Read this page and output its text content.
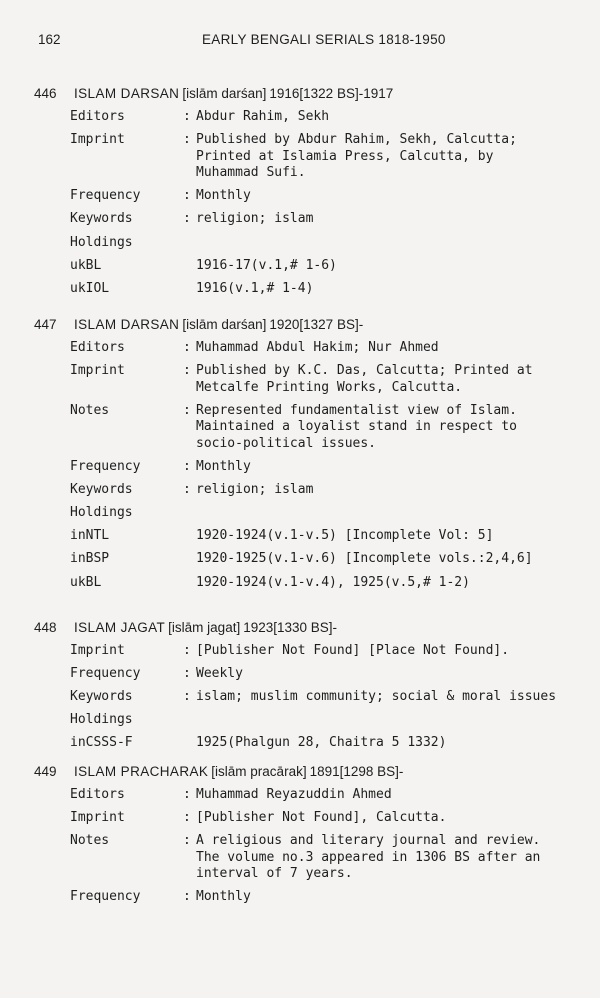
162	EARLY BENGALI SERIALS 1818-1950
446 ISLAM DARSAN [islām darśan] 1916[1322 BS]-1917
Editors	: Abdur Rahim, Sekh
Imprint	: Published by Abdur Rahim, Sekh, Calcutta;
Printed at Islamia Press, Calcutta, by
Muhammad Sufi.
Frequency	: Monthly
Keywords	: religion; islam
Holdings
ukBL	1916-17(v.1,# 1-6)
ukIOL	1916(v.1,# 1-4)
447 ISLAM DARSAN [islām darśan] 1920[1327 BS]-
Editors	: Muhammad Abdul Hakim; Nur Ahmed
Imprint	: Published by K.C. Das, Calcutta; Printed at
Metcalfe Printing Works, Calcutta.
Notes	: Represented fundamentalist view of Islam.
Maintained a loyalist stand in respect to
socio-political issues.
Frequency	: Monthly
Keywords	: religion; islam
Holdings
inNTL	1920-1924(v.1-v.5) [Incomplete Vol: 5]
inBSP	1920-1925(v.1-v.6) [Incomplete vols.:2,4,6]
ukBL	1920-1924(v.1-v.4), 1925(v.5,# 1-2)
448 ISLAM JAGAT [islām jagat] 1923[1330 BS]-
Imprint	: [Publisher Not Found] [Place Not Found].
Frequency	: Weekly
Keywords	: islam; muslim community; social & moral issues
Holdings
inCSSS-F	1925(Phalgun 28, Chaitra 5 1332)
449 ISLAM PRACHARAK [islām pracārak] 1891[1298 BS]-
Editors	: Muhammad Reyazuddin Ahmed
Imprint	: [Publisher Not Found], Calcutta.
Notes	: A religious and literary journal and review.
The volume no.3 appeared in 1306 BS after an
interval of 7 years.
Frequency	: Monthly
